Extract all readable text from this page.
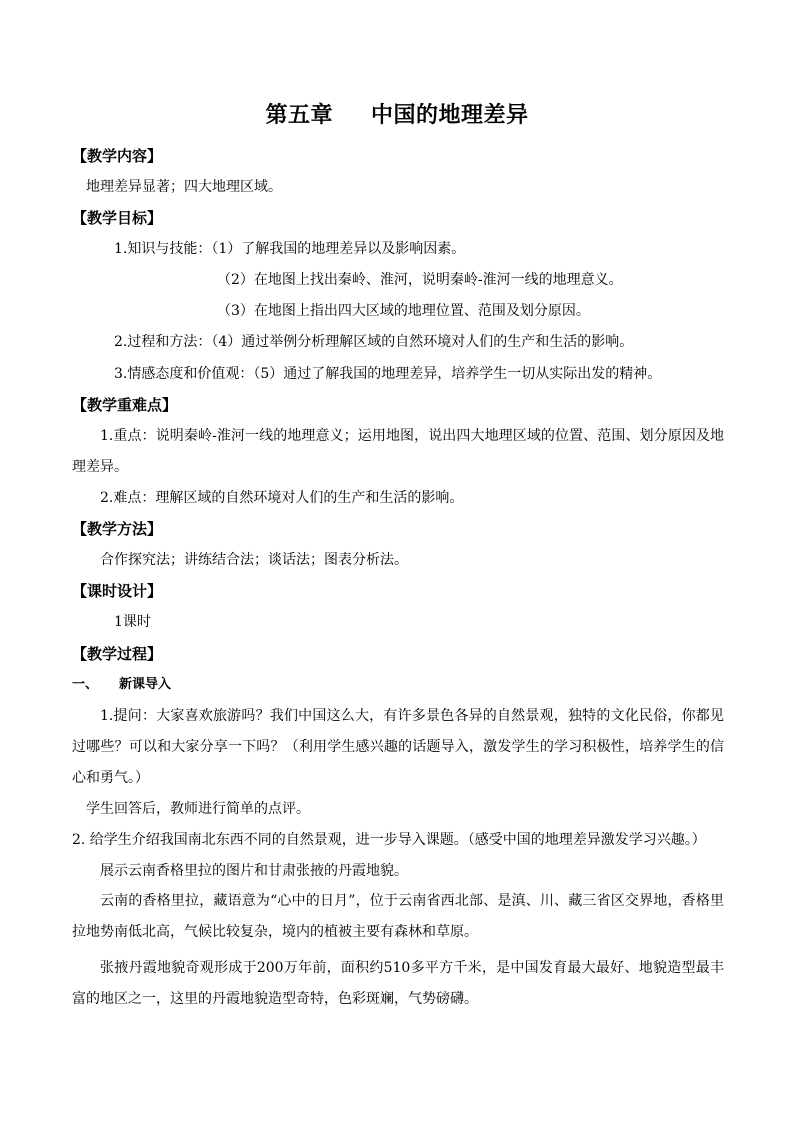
第五章 中国的地理差异
【教学内容】
地理差异显著；四大地理区域。
【教学目标】
1.知识与技能：（1）了解我国的地理差异以及影响因素。
（2）在地图上找出秦岭、淮河，说明秦岭-淮河一线的地理意义。
（3）在地图上指出四大区域的地理位置、范围及划分原因。
2.过程和方法：（4）通过举例分析理解区域的自然环境对人们的生产和生活的影响。
3.情感态度和价值观：（5）通过了解我国的地理差异，培养学生一切从实际出发的精神。
【教学重难点】
1.重点：说明秦岭-淮河一线的地理意义；运用地图，说出四大地理区域的位置、范围、划分原因及地理差异。
2.难点：理解区域的自然环境对人们的生产和生活的影响。
【教学方法】
合作探究法；讲练结合法；谈话法；图表分析法。
【课时设计】
1课时
【教学过程】
一、  新课导入
1.提问：大家喜欢旅游吗？我们中国这么大，有许多景色各异的自然景观，独特的文化民俗，你都见过哪些？可以和大家分享一下吗？（利用学生感兴趣的话题导入，激发学生的学习积极性，培养学生的信心和勇气。）
学生回答后，教师进行简单的点评。
2. 给学生介绍我国南北东西不同的自然景观，进一步导入课题。（感受中国的地理差异激发学习兴趣。）
展示云南香格里拉的图片和甘肃张掖的丹霞地貌。
云南的香格里拉，藏语意为“心中的日月”，位于云南省西北部、是滇、川、藏三省区交界地，香格里拉地势南低北高，气候比较复杂，境内的植被主要有森林和草原。
张掖丹霞地貌奇观形成于200万年前，面积约510多平方千米，是中国发育最大最好、地貌造型最丰富的地区之一，这里的丹霞地貌造型奇特，色彩斑斓，气势磅礴。
